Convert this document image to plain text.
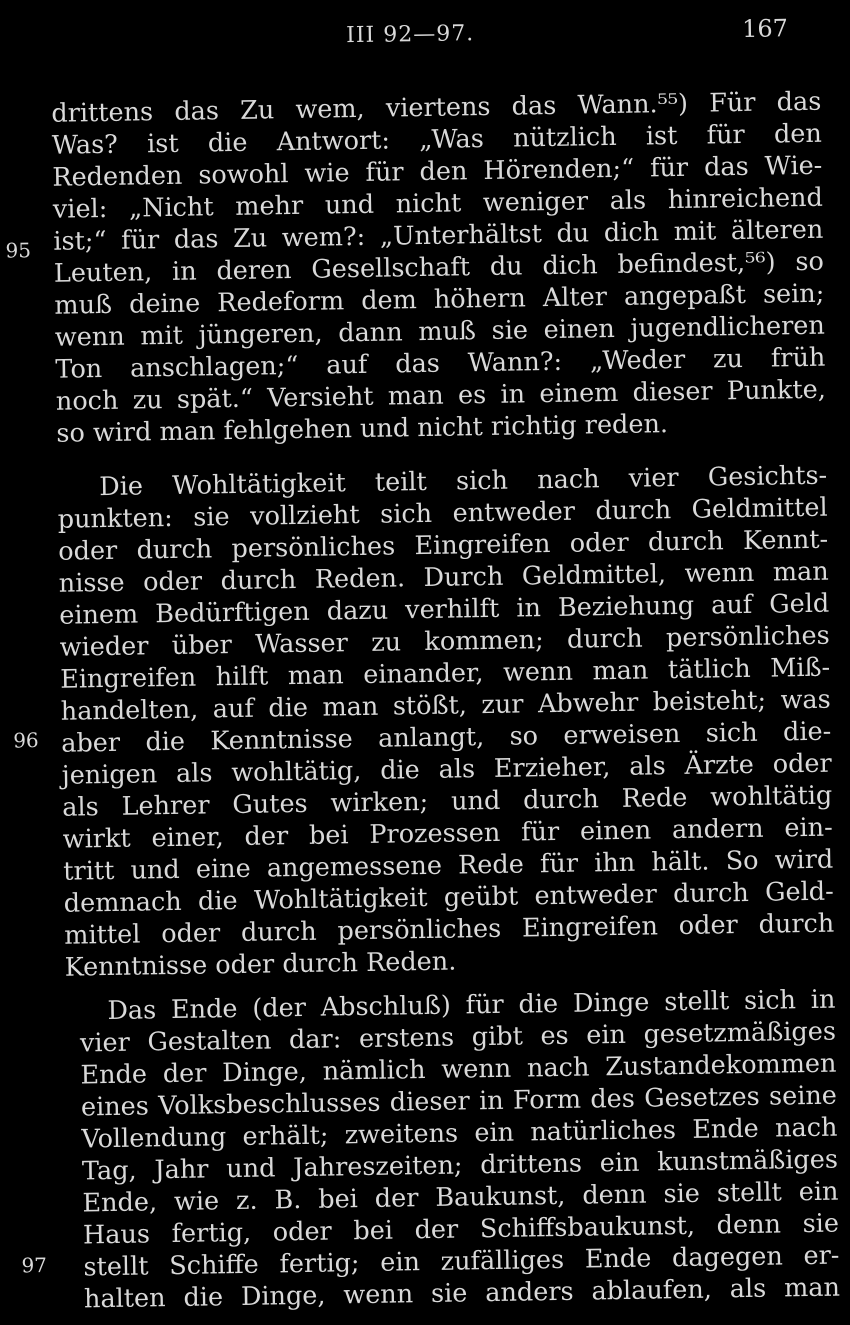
III 92—97.	167
95
96
97
drittens das Zu wem, viertens das Wann.⁵⁵) Für das
Was? ist die Antwort: „Was nützlich ist für den
Redenden sowohl wie für den Hörenden;“ für das Wie-
viel: „Nicht mehr und nicht weniger als hinreichend
ist;“ für das Zu wem?: „Unterhältst du dich mit älteren
Leuten, in deren Gesellschaft du dich befindest,⁵⁶) so
muß deine Redeform dem höhern Alter angepaßt sein;
wenn mit jüngeren, dann muß sie einen jugendlicheren
Ton anschlagen;“ auf das Wann?: „Weder zu früh
noch zu spät.“ Versieht man es in einem dieser Punkte,
so wird man fehlgehen und nicht richtig reden.
Die Wohltätigkeit teilt sich nach vier Gesichts-
punkten: sie vollzieht sich entweder durch Geldmittel
oder durch persönliches Eingreifen oder durch Kennt-
nisse oder durch Reden. Durch Geldmittel, wenn man
einem Bedürftigen dazu verhilft in Beziehung auf Geld
wieder über Wasser zu kommen; durch persönliches
Eingreifen hilft man einander, wenn man tätlich Miß-
handelten, auf die man stößt, zur Abwehr beisteht; was
aber die Kenntnisse anlangt, so erweisen sich die-
jenigen als wohltätig, die als Erzieher, als Ärzte oder
als Lehrer Gutes wirken; und durch Rede wohltätig
wirkt einer, der bei Prozessen für einen andern ein-
tritt und eine angemessene Rede für ihn hält. So wird
demnach die Wohltätigkeit geübt entweder durch Geld-
mittel oder durch persönliches Eingreifen oder durch
Kenntnisse oder durch Reden.
Das Ende (der Abschluß) für die Dinge stellt sich in
vier Gestalten dar: erstens gibt es ein gesetzmäßiges
Ende der Dinge, nämlich wenn nach Zustandekommen
eines Volksbeschlusses dieser in Form des Gesetzes seine
Vollendung erhält; zweitens ein natürliches Ende nach
Tag, Jahr und Jahreszeiten; drittens ein kunstmäßiges
Ende, wie z. B. bei der Baukunst, denn sie stellt ein
Haus fertig, oder bei der Schiffsbaukunst, denn sie
stellt Schiffe fertig; ein zufälliges Ende dagegen er-
halten die Dinge, wenn sie anders ablaufen, als man
